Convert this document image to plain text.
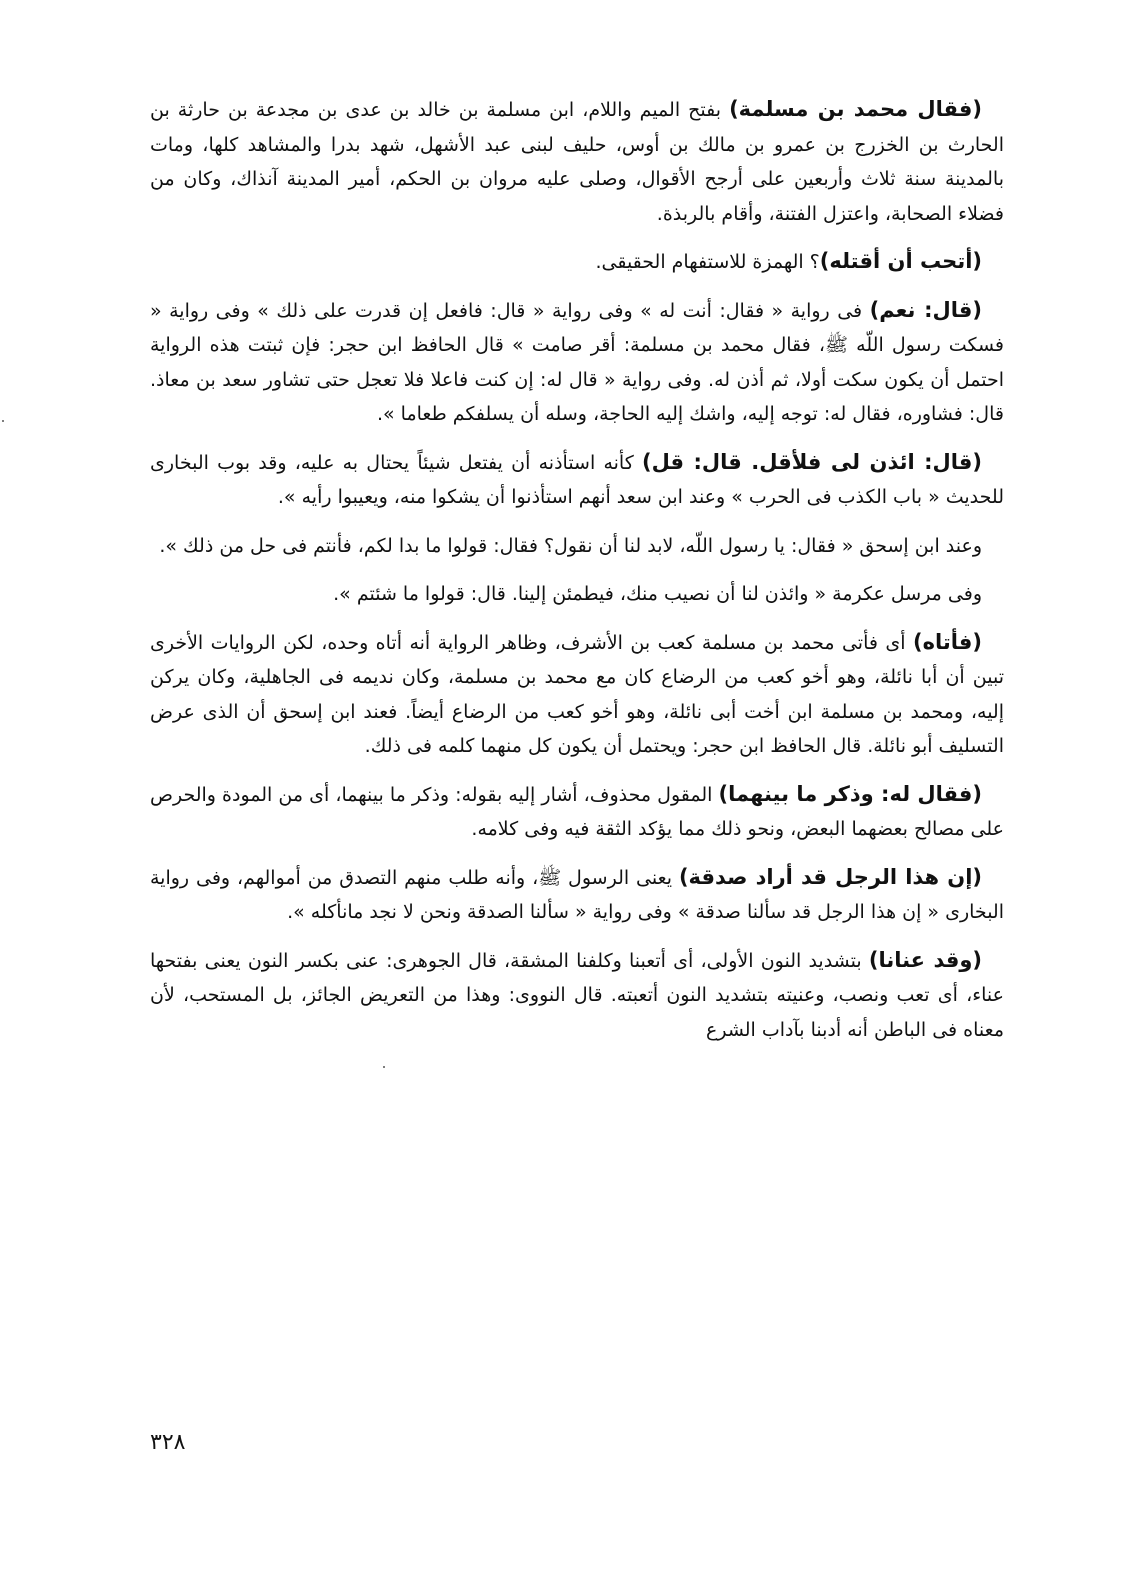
(فقال محمد بن مسلمة) بفتح الميم واللام، ابن مسلمة بن خالد بن عدى بن مجدعة بن حارثة بن الحارث بن الخزرج بن عمرو بن مالك بن أوس، حليف لبنى عبد الأشهل، شهد بدرا والمشاهد كلها، ومات بالمدينة سنة ثلاث وأربعين على أرجح الأقوال، وصلى عليه مروان بن الحكم، أمير المدينة آنذاك، وكان من فضلاء الصحابة، واعتزل الفتنة، وأقام بالربذة.

(أتحب أن أقتله)؟ الهمزة للاستفهام الحقيقى.

(قال: نعم) فى رواية « فقال: أنت له » وفى رواية « قال: فافعل إن قدرت على ذلك » وفى رواية « فسكت رسول اللّه ﷺ، فقال محمد بن مسلمة: أقر صامت » قال الحافظ ابن حجر: فإن ثبتت هذه الرواية احتمل أن يكون سكت أولا، ثم أذن له. وفى رواية « قال له: إن كنت فاعلا فلا تعجل حتى تشاور سعد بن معاذ. قال: فشاوره، فقال له: توجه إليه، واشك إليه الحاجة، وسله أن يسلفكم طعاما ».

(قال: ائذن لى فلأقل. قال: قل) كأنه استأذنه أن يفتعل شيئاً يحتال به عليه، وقد بوب البخارى للحديث « باب الكذب فى الحرب » وعند ابن سعد أنهم استأذنوا أن يشكوا منه، ويعيبوا رأيه ».

وعند ابن إسحق « فقال: يا رسول اللّه، لابد لنا أن نقول؟ فقال: قولوا ما بدا لكم، فأنتم فى حل من ذلك ».

وفى مرسل عكرمة « وائذن لنا أن نصيب منك، فيطمئن إلينا. قال: قولوا ما شئتم ».

(فأتاه) أى فأتى محمد بن مسلمة كعب بن الأشرف، وظاهر الرواية أنه أتاه وحده، لكن الروايات الأخرى تبين أن أبا نائلة، وهو أخو كعب من الرضاع كان مع محمد بن مسلمة، وكان نديمه فى الجاهلية، وكان يركن إليه، ومحمد بن مسلمة ابن أخت أبى نائلة، وهو أخو كعب من الرضاع أيضاً. فعند ابن إسحق أن الذى عرض التسليف أبو نائلة. قال الحافظ ابن حجر: ويحتمل أن يكون كل منهما كلمه فى ذلك.

(فقال له: وذكر ما بينهما) المقول محذوف، أشار إليه بقوله: وذكر ما بينهما، أى من المودة والحرص على مصالح بعضهما البعض، ونحو ذلك مما يؤكد الثقة فيه وفى كلامه.

(إن هذا الرجل قد أراد صدقة) يعنى الرسول ﷺ، وأنه طلب منهم التصدق من أموالهم، وفى رواية البخارى « إن هذا الرجل قد سألنا صدقة » وفى رواية « سألنا الصدقة ونحن لا نجد مانأكله ».

(وقد عنانا) بتشديد النون الأولى، أى أتعبنا وكلفنا المشقة، قال الجوهرى: عنى بكسر النون يعنى بفتحها عناء، أى تعب ونصب، وعنيته بتشديد النون أتعبته. قال النووى: وهذا من التعريض الجائز، بل المستحب، لأن معناه فى الباطن أنه أدبنا بآداب الشرع

٣٢٨
